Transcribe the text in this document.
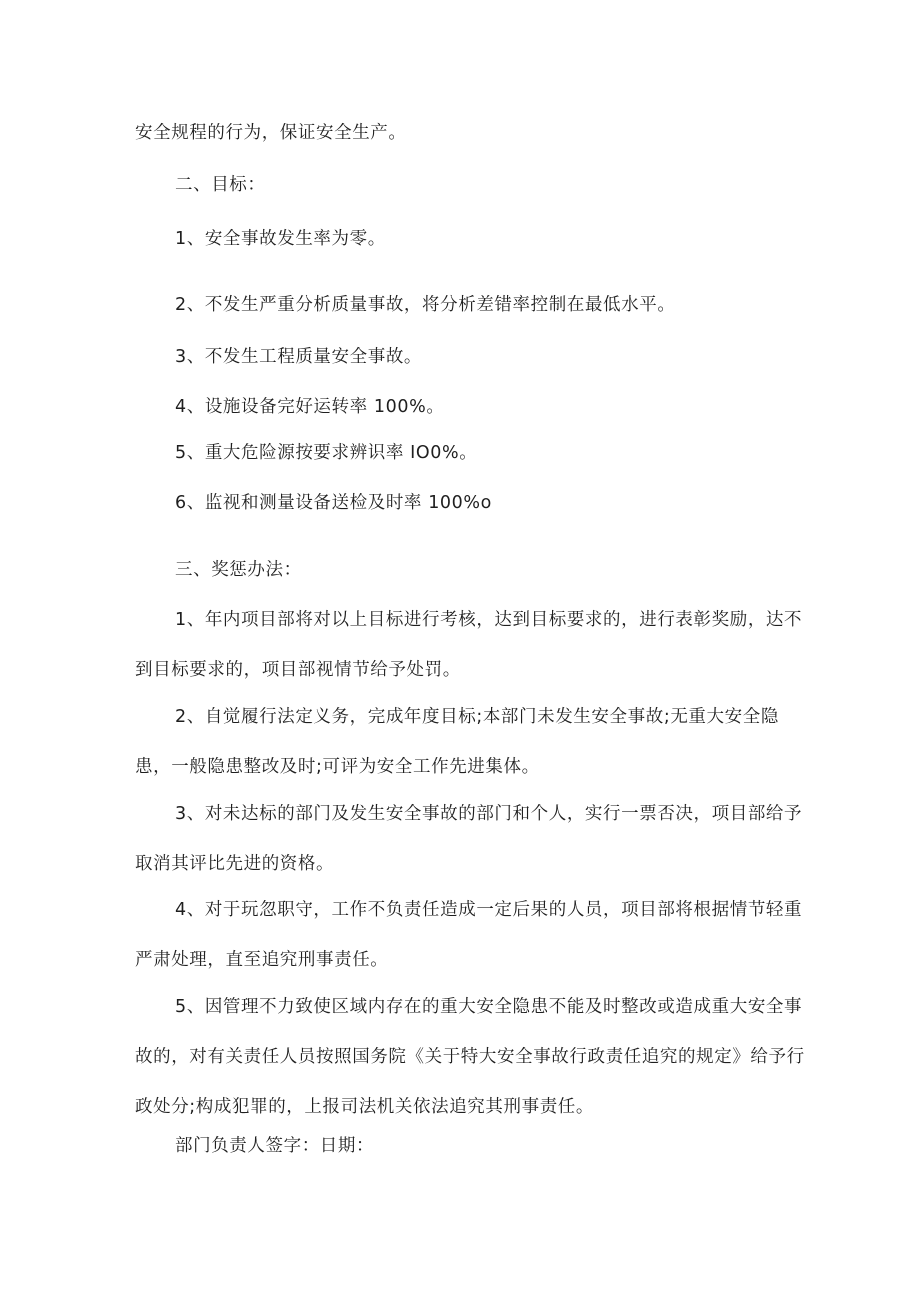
安全规程的行为，保证安全生产。
二、目标：
1、安全事故发生率为零。
2、不发生严重分析质量事故，将分析差错率控制在最低水平。
3、不发生工程质量安全事故。
4、设施设备完好运转率 100%。
5、重大危险源按要求辨识率 IO0%。
6、监视和测量设备送检及时率 100%o
三、奖惩办法：
1、年内项目部将对以上目标进行考核，达到目标要求的，进行表彰奖励，达不到目标要求的，项目部视情节给予处罚。
2、自觉履行法定义务，完成年度目标;本部门未发生安全事故;无重大安全隐患，一般隐患整改及时;可评为安全工作先进集体。
3、对未达标的部门及发生安全事故的部门和个人，实行一票否决，项目部给予取消其评比先进的资格。
4、对于玩忽职守，工作不负责任造成一定后果的人员，项目部将根据情节轻重严肃处理，直至追究刑事责任。
5、因管理不力致使区域内存在的重大安全隐患不能及时整改或造成重大安全事故的，对有关责任人员按照国务院《关于特大安全事故行政责任追究的规定》给予行政处分;构成犯罪的，上报司法机关依法追究其刑事责任。
部门负责人签字：日期：
